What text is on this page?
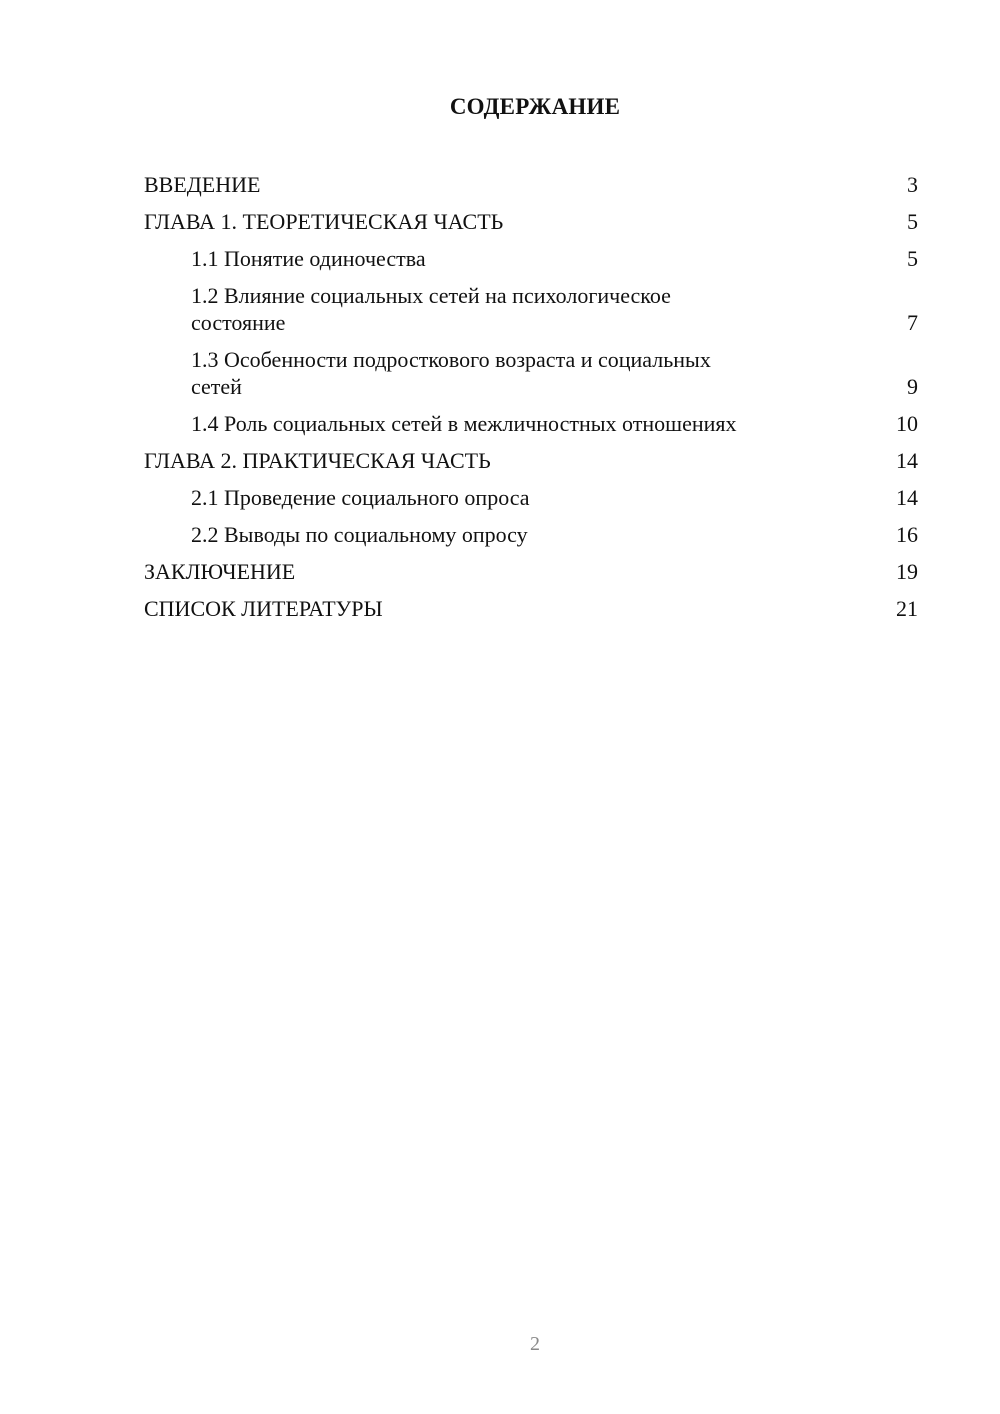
СОДЕРЖАНИЕ
ВВЕДЕНИЕ	3
ГЛАВА 1. ТЕОРЕТИЧЕСКАЯ ЧАСТЬ	5
1.1 Понятие одиночества	5
1.2 Влияние социальных сетей на психологическое
состояние	7
1.3 Особенности подросткового возраста и социальных
сетей	9
1.4 Роль социальных сетей в межличностных отношениях	10
ГЛАВА 2. ПРАКТИЧЕСКАЯ ЧАСТЬ	14
2.1 Проведение социального опроса	14
2.2 Выводы по социальному опросу	16
ЗАКЛЮЧЕНИЕ	19
СПИСОК ЛИТЕРАТУРЫ	21
2
